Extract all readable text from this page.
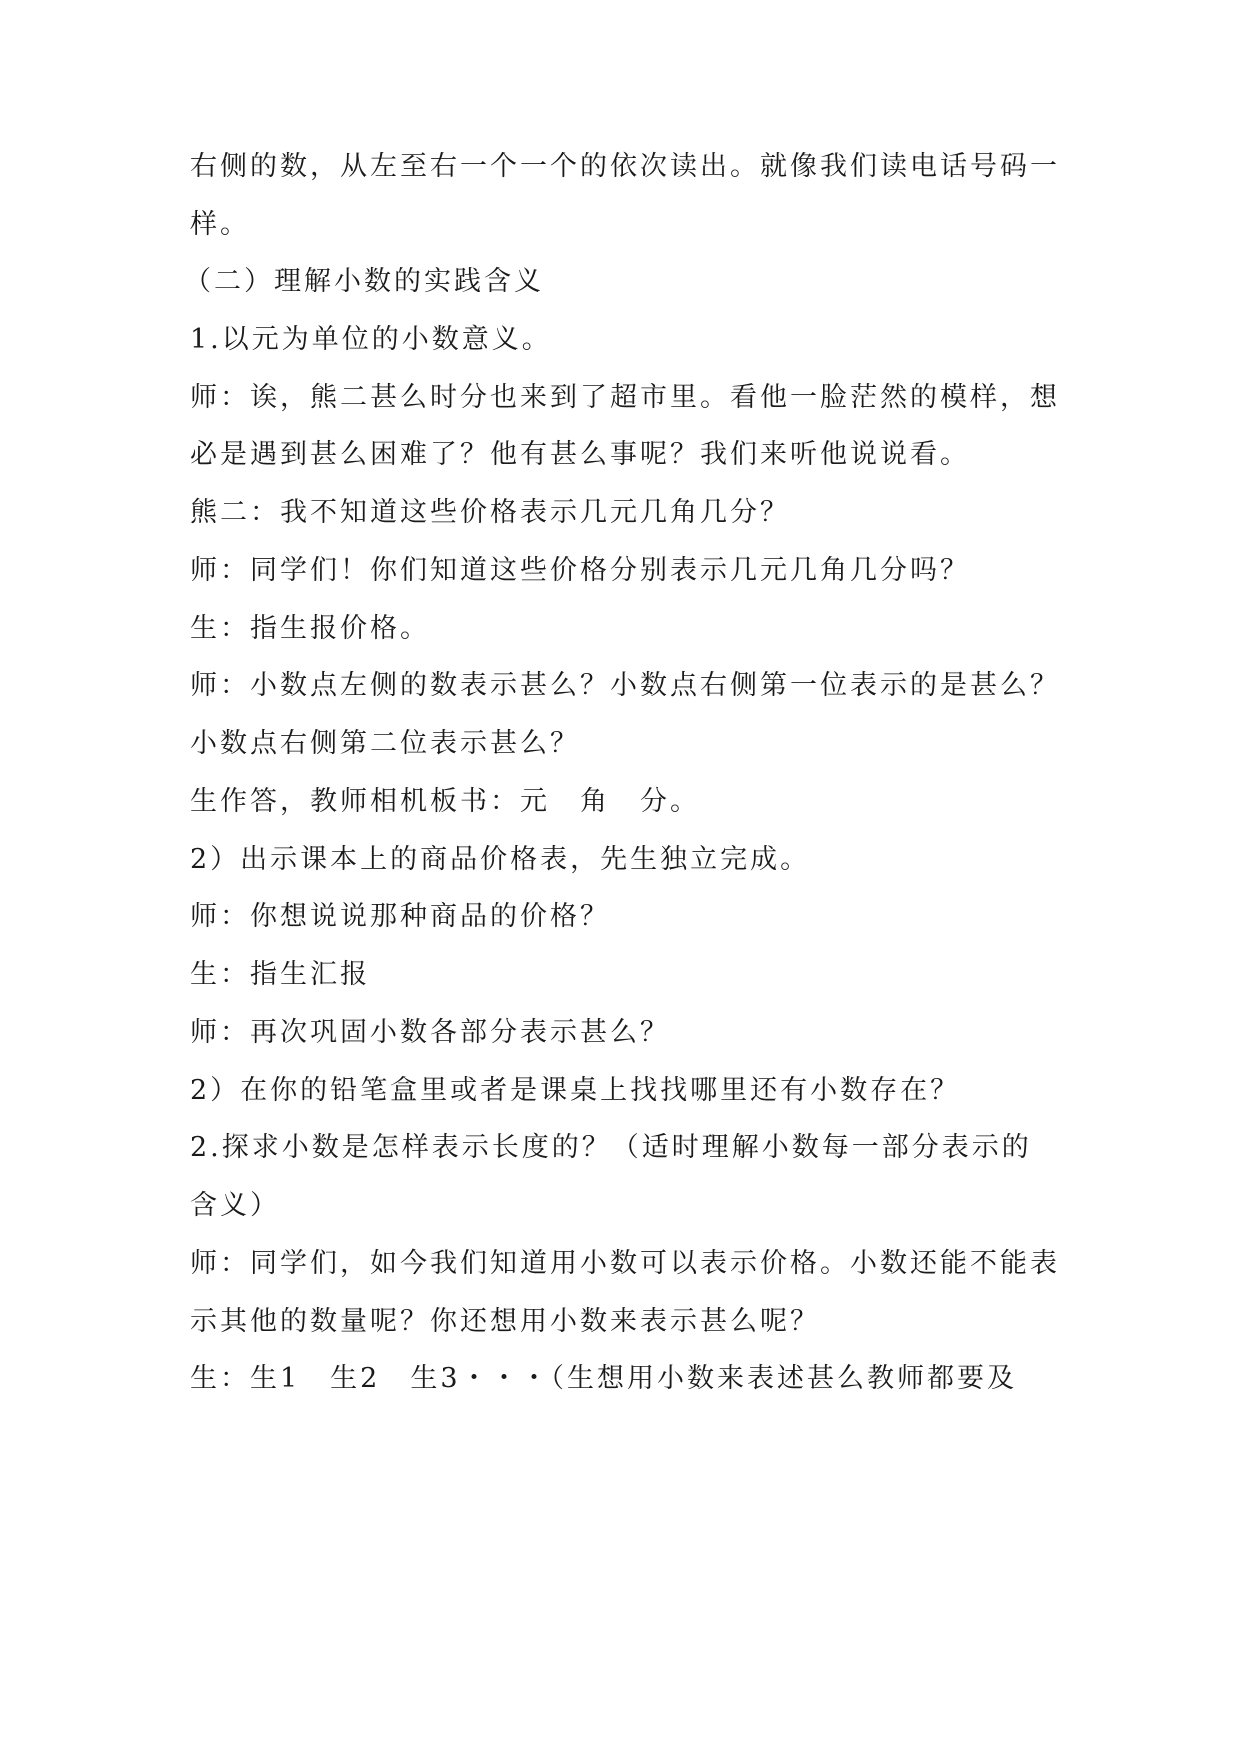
右侧的数，从左至右一个一个的依次读出。就像我们读电话号码一
样。
（二）理解小数的实践含义
1.以元为单位的小数意义。
师：诶，熊二甚么时分也来到了超市里。看他一脸茫然的模样，想
必是遇到甚么困难了？他有甚么事呢？我们来听他说说看。
熊二：我不知道这些价格表示几元几角几分？
师：同学们！你们知道这些价格分别表示几元几角几分吗？
生：指生报价格。
师：小数点左侧的数表示甚么？小数点右侧第一位表示的是甚么？
小数点右侧第二位表示甚么？
生作答，教师相机板书：元　角　分。
2）出示课本上的商品价格表，先生独立完成。
师：你想说说那种商品的价格？
生：指生汇报
师：再次巩固小数各部分表示甚么？
2）在你的铅笔盒里或者是课桌上找找哪里还有小数存在？
2.探求小数是怎样表示长度的？（适时理解小数每一部分表示的
含义）
师：同学们，如今我们知道用小数可以表示价格。小数还能不能表
示其他的数量呢？你还想用小数来表示甚么呢？
生：生1　生2　生3・・・（生想用小数来表述甚么教师都要及
